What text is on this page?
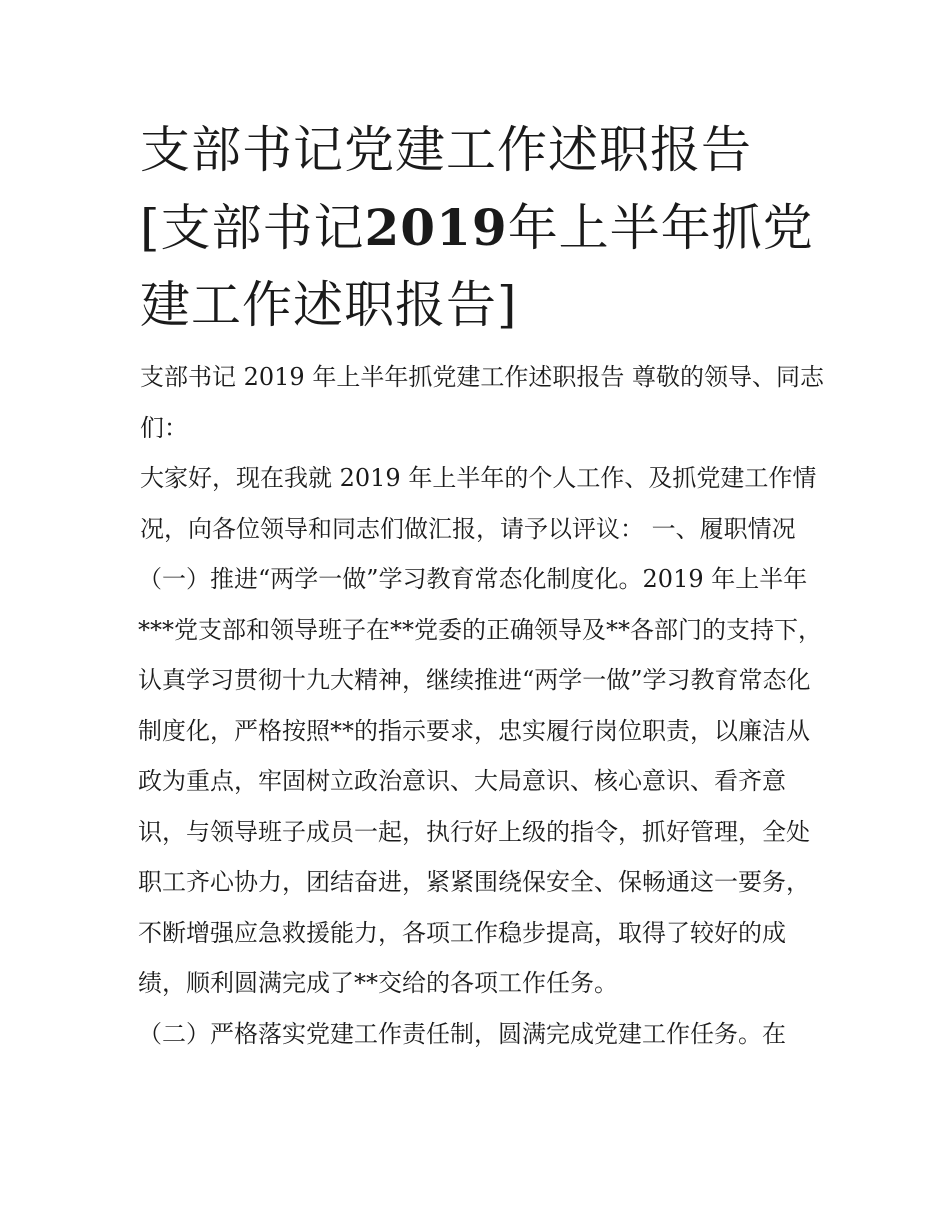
支部书记党建工作述职报告
[支部书记2019年上半年抓党
建工作述职报告]

支部书记 2019 年上半年抓党建工作述职报告 尊敬的领导、同志们：

大家好，现在我就 2019 年上半年的个人工作、及抓党建工作情况，向各位领导和同志们做汇报，请予以评议： 一、履职情况

（一）推进“两学一做”学习教育常态化制度化。2019 年上半年***党支部和领导班子在**党委的正确领导及**各部门的支持下，认真学习贯彻十九大精神，继续推进“两学一做”学习教育常态化制度化，严格按照**的指示要求，忠实履行岗位职责，以廉洁从政为重点，牢固树立政治意识、大局意识、核心意识、看齐意识，与领导班子成员一起，执行好上级的指令，抓好管理，全处职工齐心协力，团结奋进，紧紧围绕保安全、保畅通这一要务，不断增强应急救援能力，各项工作稳步提高，取得了较好的成绩，顺利圆满完成了**交给的各项工作任务。

（二）严格落实党建工作责任制，圆满完成党建工作任务。在
